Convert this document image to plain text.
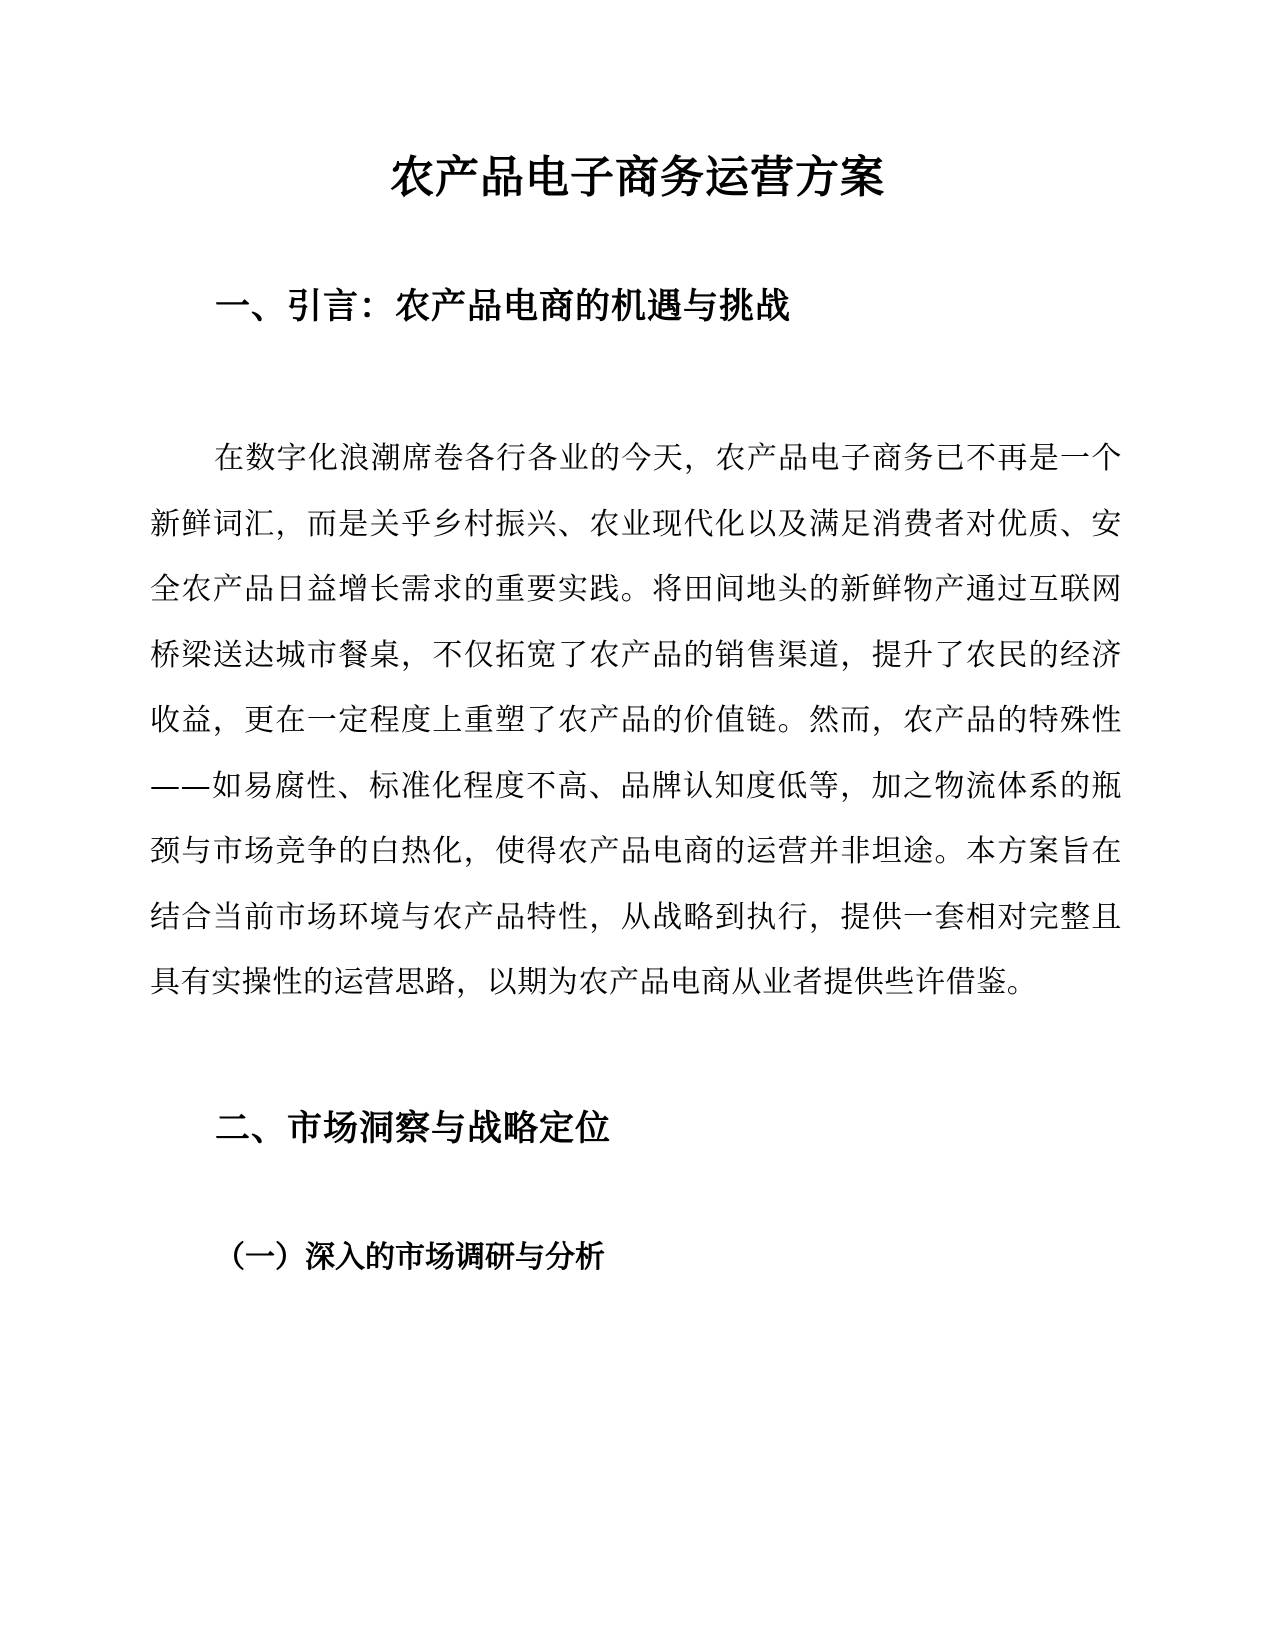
农产品电子商务运营方案
一、引言：农产品电商的机遇与挑战

在数字化浪潮席卷各行各业的今天，农产品电子商务已不再是一个新鲜词汇，而是关乎乡村振兴、农业现代化以及满足消费者对优质、安全农产品日益增长需求的重要实践。将田间地头的新鲜物产通过互联网桥梁送达城市餐桌，不仅拓宽了农产品的销售渠道，提升了农民的经济收益，更在一定程度上重塑了农产品的价值链。然而，农产品的特殊性——如易腐性、标准化程度不高、品牌认知度低等，加之物流体系的瓶颈与市场竞争的白热化，使得农产品电商的运营并非坦途。本方案旨在结合当前市场环境与农产品特性，从战略到执行，提供一套相对完整且具有实操性的运营思路，以期为农产品电商从业者提供些许借鉴。

二、市场洞察与战略定位
（一）深入的市场调研与分析
